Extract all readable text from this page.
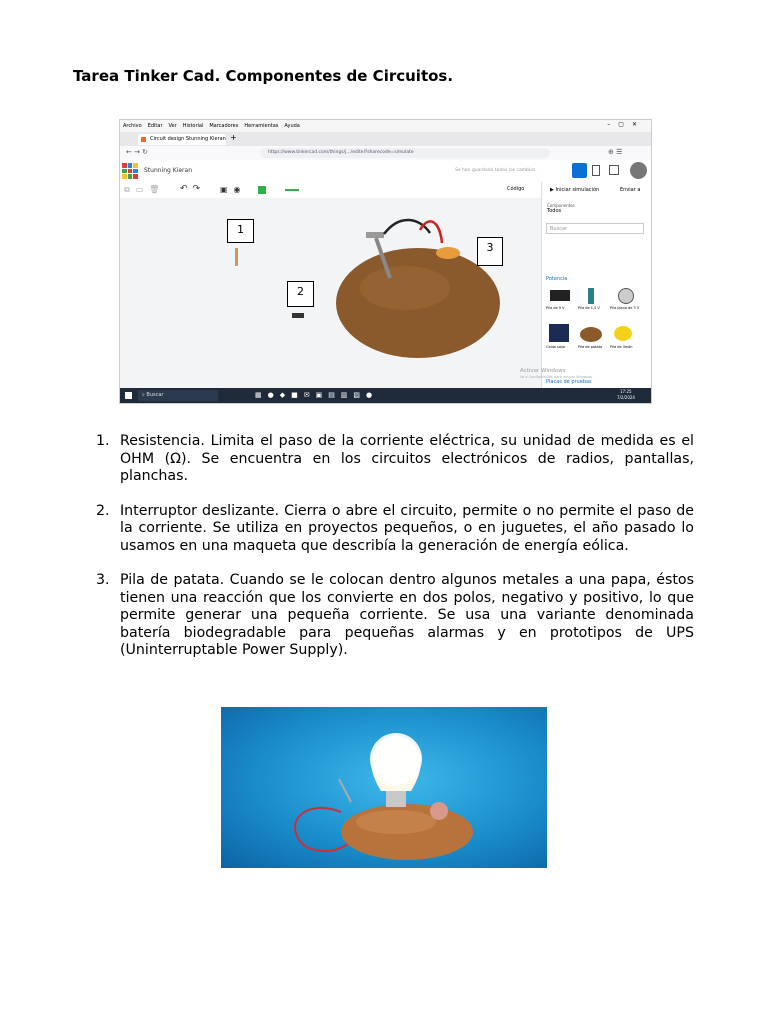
Tarea Tinker Cad. Componentes de Circuitos.
Archivo Editar Ver Historial Marcadores Herramientas Ayuda	–▢✕
Circuit design Stunning Kieran +
← → ↻	https://www.tinkercad.com/things/j.../editel?sharecode=simulate	⊕ ☰
Stunning Kieran	Se han guardado todos los cambios.
⧉▭🗑 ↶↷ ▣◉	Código	▶ Iniciar simulación	Enviar a
Componentes
Todos
Buscar
Potencia
Pila de 9 V	Pila de 1,5 V	Pila plana de 3 V
Celda solar	Pila de patata Pila de limón
Placas de pruebas
Activar Windows
Ve a Configuración para activar Windows.
⌕ Buscar	▦●◆■✉▣▤▥▨●	17:25
7/2/2024
1
2
3
1. Resistencia. Limita el paso de la corriente eléctrica, su unidad de medida es el OHM (Ω). Se encuentra en los circuitos electrónicos de radios, pantallas, planchas.
2. Interruptor deslizante. Cierra o abre el circuito, permite o no permite el paso de la corriente. Se utiliza en proyectos pequeños, o en juguetes, el año pasado lo usamos en una maqueta que describía la generación de energía eólica.
3. Pila de patata. Cuando se le colocan dentro algunos metales a una papa, éstos tienen una reacción que los convierte en dos polos, negativo y positivo, lo que permite generar una pequeña corriente. Se usa una variante denominada batería biodegradable para pequeñas alarmas y en prototipos de UPS (Uninterruptable Power Supply).
